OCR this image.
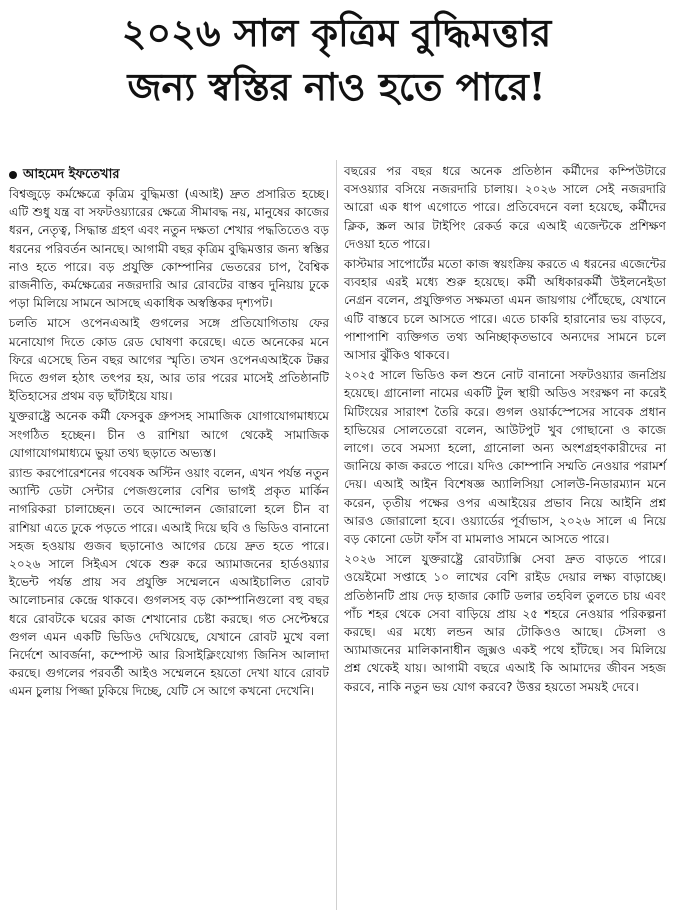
২০২৬ সাল কৃত্রিম বুদ্ধিমত্তার
জন্য স্বস্তির নাও হতে পারে!
আহমেদ ইফতেখার

বিশ্বজুড়ে কর্মক্ষেত্রে কৃত্রিম বুদ্ধিমত্তা (এআই) দ্রুত প্রসারিত হচ্ছে। এটি শুধু যন্ত্র বা সফটওয়্যারের ক্ষেত্রে সীমাবদ্ধ নয়, মানুষের কাজের ধরন, নেতৃত্ব, সিদ্ধান্ত গ্রহণ এবং নতুন দক্ষতা শেখার পদ্ধতিতেও বড় ধরনের পরিবর্তন আনছে। আগামী বছর কৃত্রিম বুদ্ধিমত্তার জন্য স্বস্তির নাও হতে পারে। বড় প্রযুক্তি কোম্পানির ভেতরের চাপ, বৈশ্বিক রাজনীতি, কর্মক্ষেত্রের নজরদারি আর রোবটের বাস্তব দুনিয়ায় ঢুকে পড়া মিলিয়ে সামনে আসছে একাধিক অস্বস্তিকর দৃশ্যপট।

চলতি মাসে ওপেনএআই গুগলের সঙ্গে প্রতিযোগিতায় ফের মনোযোগ দিতে কোড রেড ঘোষণা করেছে। এতে অনেকের মনে ফিরে এসেছে তিন বছর আগের স্মৃতি। তখন ওপেনএআইকে টক্কর দিতে গুগল হঠাৎ তৎপর হয়, আর তার পরের মাসেই প্রতিষ্ঠানটি ইতিহাসের প্রথম বড় ছাঁটাইয়ে যায়।

যুক্তরাষ্ট্রে অনেক কর্মী ফেসবুক গ্রুপসহ সামাজিক যোগাযোগমাধ্যমে সংগঠিত হচ্ছেন। চীন ও রাশিয়া আগে থেকেই সামাজিক যোগাযোগমাধ্যমে ভুয়া তথ্য ছড়াতে অভ্যস্ত।

র‌্যান্ড করপোরেশনের গবেষক অস্টিন ওয়াং বলেন, এখন পর্যন্ত নতুন অ্যান্টি ডেটা সেন্টার পেজগুলোর বেশির ভাগই প্রকৃত মার্কিন নাগরিকরা চালাচ্ছেন। তবে আন্দোলন জোরালো হলে চীন বা রাশিয়া এতে ঢুকে পড়তে পারে। এআই দিয়ে ছবি ও ভিডিও বানানো সহজ হওয়ায় গুজব ছড়ানোও আগের চেয়ে দ্রুত হতে পারে। ২০২৬ সালে সিইএস থেকে শুরু করে অ্যামাজনের হার্ডওয়্যার ইভেন্ট পর্যন্ত প্রায় সব প্রযুক্তি সম্মেলনে এআইচালিত রোবট আলোচনার কেন্দ্রে থাকবে। গুগলসহ বড় কোম্পানিগুলো বহু বছর ধরে রোবটকে ঘরের কাজ শেখানোর চেষ্টা করছে। গত সেপ্টেম্বরে গুগল এমন একটি ভিডিও দেখিয়েছে, যেখানে রোবট মুখে বলা নির্দেশে আবর্জনা, কম্পোস্ট আর রিসাইক্লিংযোগ্য জিনিস আলাদা করছে। গুগলের পরবর্তী আইও সম্মেলনে হয়তো দেখা যাবে রোবট এমন চুলায় পিজ্জা ঢুকিয়ে দিচ্ছে, যেটি সে আগে কখনো দেখেনি।

বছরের পর বছর ধরে অনেক প্রতিষ্ঠান কর্মীদের কম্পিউটারে বসওয়্যার বসিয়ে নজরদারি চালায়। ২০২৬ সালে সেই নজরদারি আরো এক ধাপ এগোতে পারে। প্রতিবেদনে বলা হয়েছে, কর্মীদের ক্লিক, স্ক্রল আর টাইপিং রেকর্ড করে এআই এজেন্টকে প্রশিক্ষণ দেওয়া হতে পারে।

কাস্টমার সাপোর্টের মতো কাজ স্বয়ংক্রিয় করতে এ ধরনের এজেন্টের ব্যবহার এরই মধ্যে শুরু হয়েছে। কর্মী অধিকারকর্মী উইলনেইডা নেগ্রন বলেন, প্রযুক্তিগত সক্ষমতা এমন জায়গায় পৌঁছেছে, যেখানে এটি বাস্তবে চলে আসতে পারে। এতে চাকরি হারানোর ভয় বাড়বে, পাশাপাশি ব্যক্তিগত তথ্য অনিচ্ছাকৃতভাবে অন্যদের সামনে চলে আসার ঝুঁকিও থাকবে।

২০২৫ সালে ভিডিও কল শুনে নোট বানানো সফটওয়্যার জনপ্রিয় হয়েছে। গ্রানোলা নামের একটি টুল স্থায়ী অডিও সংরক্ষণ না করেই মিটিংয়ের সারাংশ তৈরি করে। গুগল ওয়ার্কস্পেসের সাবেক প্রধান হাভিয়ের সোলতেরো বলেন, আউটপুট খুব গোছানো ও কাজে লাগে। তবে সমস্যা হলো, গ্রানোলা অন্য অংশগ্রহণকারীদের না জানিয়ে কাজ করতে পারে। যদিও কোম্পানি সম্মতি নেওয়ার পরামর্শ দেয়। এআই আইন বিশেষজ্ঞ অ্যালিসিয়া সোলউ-নিডারম্যান মনে করেন, তৃতীয় পক্ষের ওপর এআইয়ের প্রভাব নিয়ে আইনি প্রশ্ন আরও জোরালো হবে। ওয়্যার্ডের পূর্বাভাস, ২০২৬ সালে এ নিয়ে বড় কোনো ডেটা ফাঁস বা মামলাও সামনে আসতে পারে।

২০২৬ সালে যুক্তরাষ্ট্রে রোবট্যাক্সি সেবা দ্রুত বাড়তে পারে। ওয়েইমো সপ্তাহে ১০ লাখের বেশি রাইড দেয়ার লক্ষ্য বাড়াচ্ছে। প্রতিষ্ঠানটি প্রায় দেড় হাজার কোটি ডলার তহবিল তুলতে চায় এবং পাঁচ শহর থেকে সেবা বাড়িয়ে প্রায় ২৫ শহরে নেওয়ার পরিকল্পনা করছে। এর মধ্যে লন্ডন আর টোকিওও আছে। টেসলা ও অ্যামাজনের মালিকানাধীন জুক্সও একই পথে হাঁটছে। সব মিলিয়ে প্রশ্ন থেকেই যায়। আগামী বছরে এআই কি আমাদের জীবন সহজ করবে, নাকি নতুন ভয় যোগ করবে? উত্তর হয়তো সময়ই দেবে।
